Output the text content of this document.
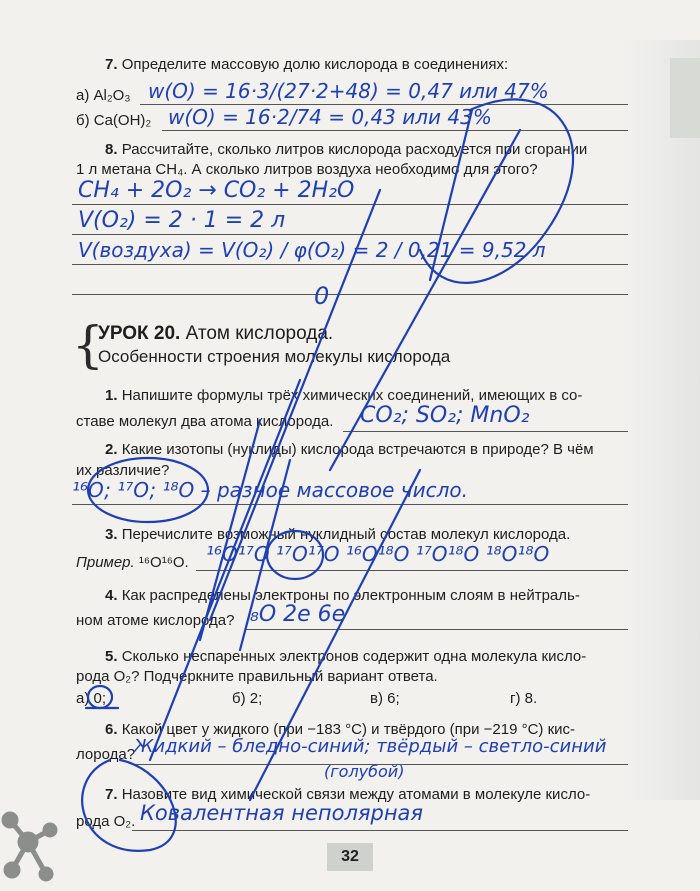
7. Определите массовую долю кислорода в соединениях:
а) Al₂O₃ w(O) = 16·3/(27·2+48) = 0,47 или 47%
б) Ca(OH)₂ w(O) = 16·2/74 = 0,43 или 43%
8. Рассчитайте, сколько литров кислорода расходуется при сгорании
1 л метана CH₄. А сколько литров воздуха необходимо для этого?
CH₄ + 2O₂ → CO₂ + 2H₂O
V(O₂) = 2 · 1 = 2 л
V(воздуха) = V(O₂) / φ(O₂) = 2 / 0,21 = 9,52 л
0
{
УРОК 20. Атом кислорода.
Особенности строения молекулы кислорода
1. Напишите формулы трёх химических соединений, имеющих в со-
ставе молекул два атома кислорода. CO₂; SO₂; MnO₂
2. Какие изотопы (нуклиды) кислорода встречаются в природе? В чём
их различие?
¹⁶O; ¹⁷O; ¹⁸O – разное массовое число.
3. Перечислите возможный нуклидный состав молекул кислорода.
Пример. ¹⁶O¹⁶O. ¹⁶O¹⁷O ¹⁷O¹⁷O ¹⁶O¹⁸O ¹⁷O¹⁸O ¹⁸O¹⁸O
4. Как распределены электроны по электронным слоям в нейтраль-
ном атоме кислорода? ₈O 2e 6e
5. Сколько неспаренных электронов содержит одна молекула кисло-
рода O₂? Подчеркните правильный вариант ответа.
а) 0;	б) 2;	в) 6;	г) 8.
6. Какой цвет у жидкого (при −183 °C) и твёрдого (при −219 °C) кис-
лорода?
Жидкий – бледно-синий; твёрдый – светло-синий
(голубой)
7. Назовите вид химической связи между атомами в молекуле кисло-
рода O₂. Ковалентная неполярная
32
